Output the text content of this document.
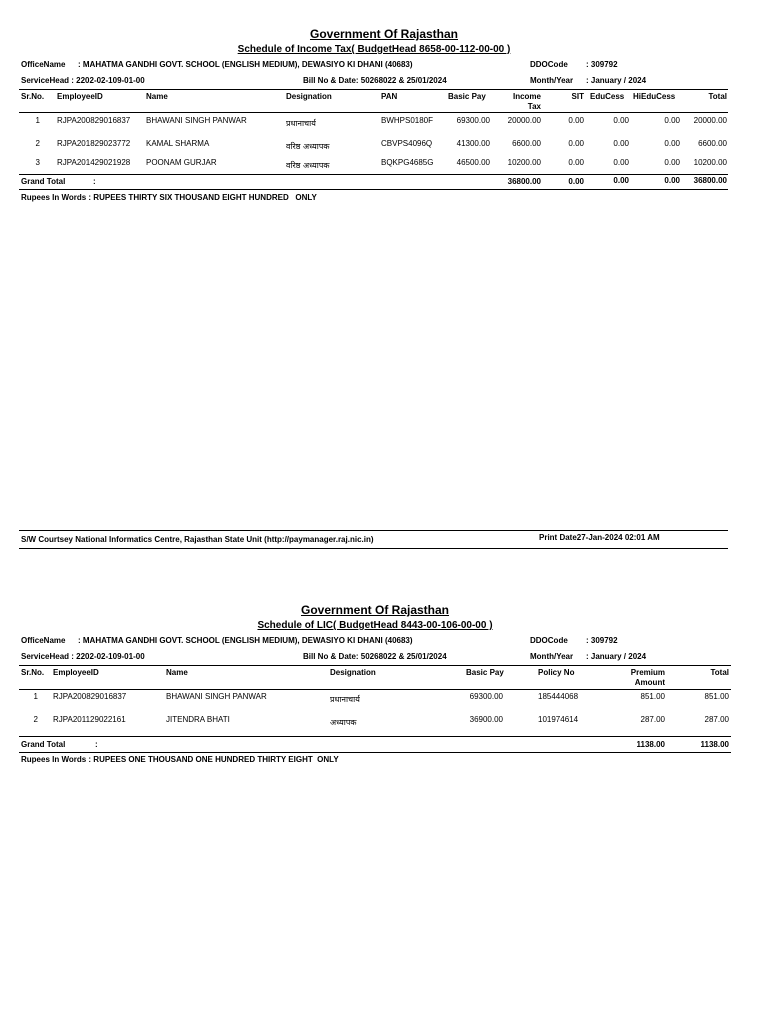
Government Of Rajasthan
Schedule of Income Tax( BudgetHead 8658-00-112-00-00 )
OfficeName : MAHATMA GANDHI GOVT. SCHOOL (ENGLISH MEDIUM), DEWASIYO KI DHANI (40683)	DDOCode : 309792
ServiceHead : 2202-02-109-01-00	Bill No & Date: 50268022 & 25/01/2024	Month/Year : January / 2024
Sr.No. EmployeeID	Name	Designation	PAN	Basic Pay	Income
Tax
SIT EduCess HiEduCess	Total
1 RJPA200829016837 BHAWANI SINGH PANWAR	प्रधानाचार्य	BWHPS0180F	69300.00	20000.00	0.00	0.00	0.00	20000.00
2 RJPA201829023772 KAMAL SHARMA	वरिष्ठ अध्यापक	CBVPS4096Q	41300.00	6600.00	0.00	0.00	0.00	6600.00
3 RJPA201429021928 POONAM GURJAR	वरिष्ठ अध्यापक	BQKPG4685G	46500.00	10200.00	0.00	0.00	0.00	10200.00
Grand Total	:	36800.00	0.00	0.00	0.00	36800.00
Rupees In Words : RUPEES THIRTY SIX THOUSAND EIGHT HUNDRED   ONLY
S/W Courtsey National Informatics Centre, Rajasthan State Unit (http://paymanager.raj.nic.in)	Print Date27-Jan-2024 02:01 AM
Government Of Rajasthan
Schedule of LIC( BudgetHead 8443-00-106-00-00 )
OfficeName : MAHATMA GANDHI GOVT. SCHOOL (ENGLISH MEDIUM), DEWASIYO KI DHANI (40683)	DDOCode : 309792
ServiceHead : 2202-02-109-01-00	Bill No & Date: 50268022 & 25/01/2024	Month/Year : January / 2024
Sr.No. EmployeeID	Name	Designation	Basic Pay	Policy No	Premium
Amount
Total
1 RJPA200829016837	BHAWANI SINGH PANWAR	प्रधानाचार्य	69300.00	185444068	851.00	851.00
2 RJPA201129022161	JITENDRA BHATI	अध्यापक	36900.00	101974614	287.00	287.00
Grand Total	:	1138.00	1138.00
Rupees In Words : RUPEES ONE THOUSAND ONE HUNDRED THIRTY EIGHT  ONLY
